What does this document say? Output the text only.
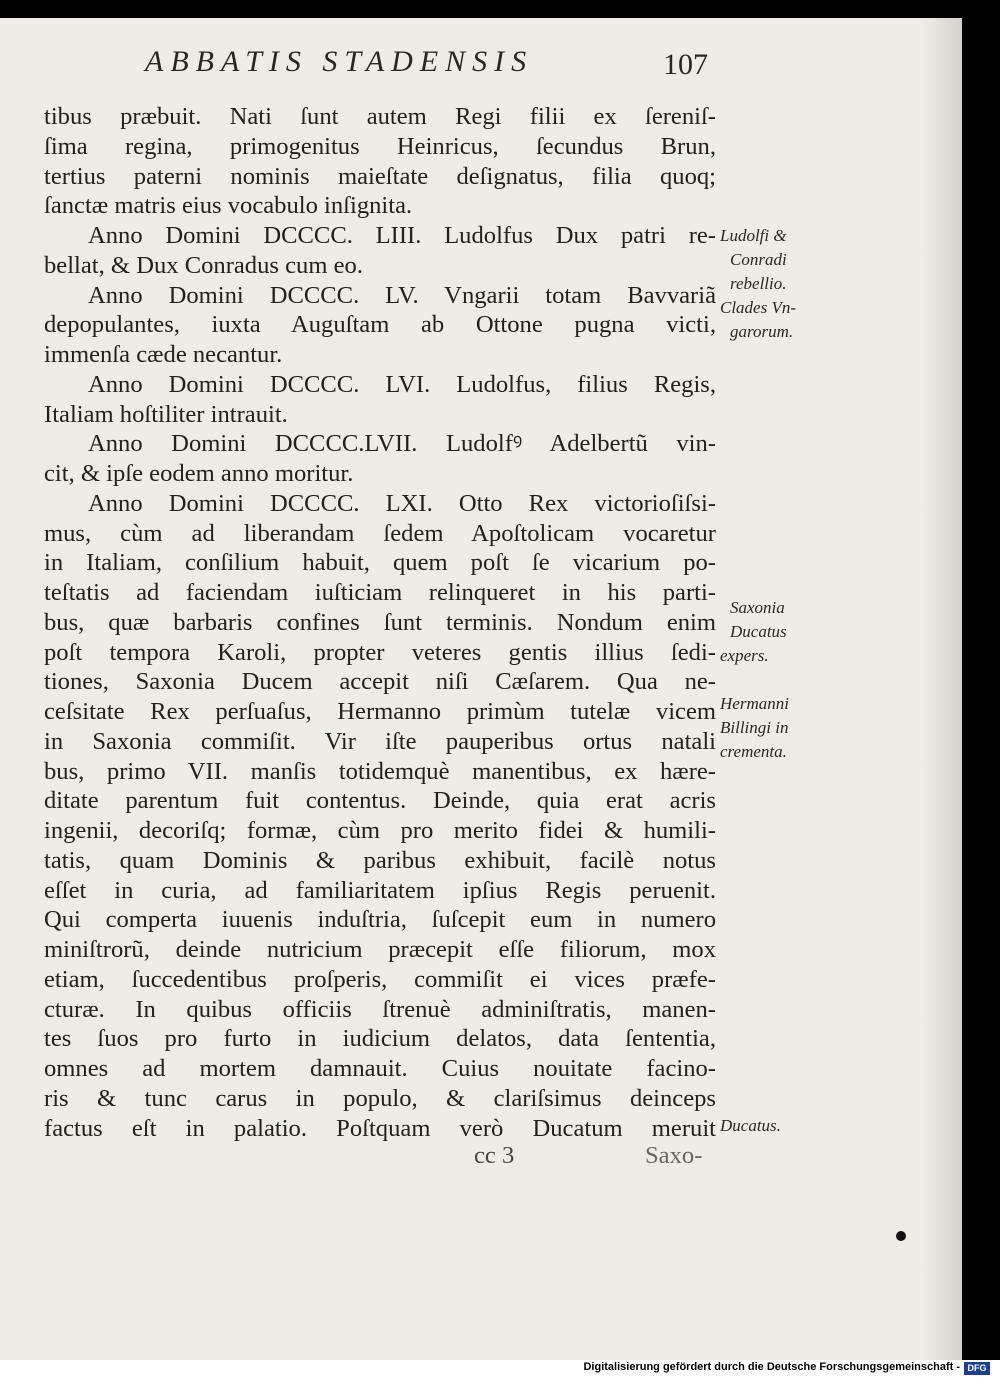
ABBATIS STADENSIS	107
tibus præbuit. Nati ſunt autem Regi filii ex ſereniſ-
ſima regina, primogenitus Heinricus, ſecundus Brun,
tertius paterni nominis maieſtate deſignatus, filia quoq;
ſanctæ matris eius vocabulo inſignita.
Anno Domini DCCCC. LIII. Ludolfus Dux patri re-
bellat, & Dux Conradus cum eo.
Anno Domini DCCCC. LV. Vngarii totam Bavvariã
depopulantes, iuxta Auguſtam ab Ottone pugna victi,
immenſa cæde necantur.
Anno Domini DCCCC. LVI. Ludolfus, filius Regis,
Italiam hoſtiliter intrauit.
Anno Domini DCCCC.LVII. Ludolfꝰ Adelbertũ vin-
cit, & ipſe eodem anno moritur.
Anno Domini DCCCC. LXI. Otto Rex victorioſiſsi-
mus, cùm ad liberandam ſedem Apoſtolicam vocaretur
in Italiam, conſilium habuit, quem poſt ſe vicarium po-
teſtatis ad faciendam iuſticiam relinqueret in his parti-
bus, quæ barbaris confines ſunt terminis. Nondum enim
poſt tempora Karoli, propter veteres gentis illius ſedi-
tiones, Saxonia Ducem accepit niſi Cæſarem. Qua ne-
ceſsitate Rex perſuaſus, Hermanno primùm tutelæ vicem
in Saxonia commiſit. Vir iſte pauperibus ortus natali
bus, primo VII. manſis totidemquè manentibus, ex hære-
ditate parentum fuit contentus. Deinde, quia erat acris
ingenii, decoriſq; formæ, cùm pro merito fidei & humili-
tatis, quam Dominis & paribus exhibuit, facilè notus
eſſet in curia, ad familiaritatem ipſius Regis peruenit.
Qui comperta iuuenis induſtria, ſuſcepit eum in numero
miniſtrorũ, deinde nutricium præcepit eſſe filiorum, mox
etiam, ſuccedentibus proſperis, commiſit ei vices præfe-
cturæ. In quibus officiis ſtrenuè adminiſtratis, manen-
tes ſuos pro furto in iudicium delatos, data ſententia,
omnes ad mortem damnauit. Cuius nouitate facino-
ris & tunc carus in populo, & clariſsimus deinceps
factus eſt in palatio. Poſtquam verò Ducatum meruit
Ludolfi &
Conradi
rebellio.
Clades Vn-
garorum.
Saxonia
Ducatus
expers.
Hermanni
Billingi in
crementa.
Ducatus.
cc 3	Saxo-
Digitalisierung gefördert durch die Deutsche Forschungsgemeinschaft - DFG
